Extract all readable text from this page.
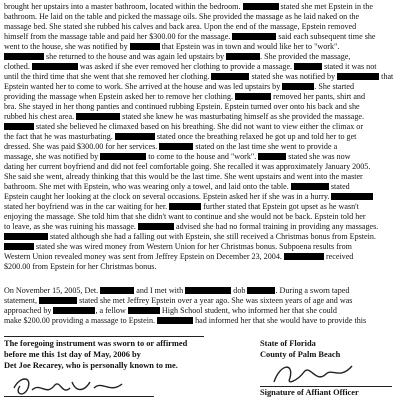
brought her upstairs into a master bathroom, located within the bedroom.	stated she met Epstein in the
bathroom. He laid on the table and picked the massage oils. She provided the massage as he laid naked on the
massage bed. She stated she rubbed his calves and back area. Upon the end of the massage, Epstein removed
himself from the massage table and paid her $300.00 for the massage.	said each subsequent time she
went to the house, she was notified by	that Epstein was in town and would like her to "work".
she returned to the house and was again led upstairs by	. She provided the massage,
clothed.	was asked if she ever removed her clothing to provide a massage.	stated it was not
until the third time that she went that she removed her clothing.	stated she was notified by	that
Epstein wanted her to come to work. She arrived at the house and was led upstairs by	. She started
providing the massage when Epstein asked her to remove her clothing.	removed her pants, shirt and
bra. She stayed in her thong panties and continued rubbing Epstein. Epstein turned over onto his back and she
rubbed his chest area.	stated she knew he was masturbating himself as she provided the massage.
stated she believed he climaxed based on his breathing. She did not want to view either the climax or
the fact that he was masturbating.	stated once the breathing relaxed he got up and told her to get
dressed. She was paid $300.00 for her services.	stated on the last time she went to provide a
massage, she was notified by	to come to the house and "work".	stated she was now
dating her current boyfriend and did not feel comfortable going. She recalled it was approximately January 2005.
She said she went, already thinking that this would be the last time. She went upstairs and went into the master
bathroom. She met with Epstein, who was wearing only a towel, and laid onto the table.	stated
Epstein caught her looking at the clock on several occasions. Epstein asked her if she was in a hurry.
stated her boyfriend was in the car waiting for her.	further stated that Epstein got upset as he wasn't
enjoying the massage. She told him that she didn't want to continue and she would not be back. Epstein told her
to leave, as she was ruining his massage.	advised she had no formal training in providing any massages.
stated although she had a falling out with Epstein, she still received a Christmas bonus from Epstein.
stated she was wired money from Western Union for her Christmas bonus. Subpoena results from
Western Union revealed money was sent from Jeffrey Epstein on December 23, 2004.	received
$200.00 from Epstein for her Christmas bonus.
On November 15, 2005, Det.	and I met with	dob	. During a sworn taped
statement,	stated she met Jeffrey Epstein over a year ago. She was sixteen years of age and was
approached by	, a fellow	High School student, who informed her that she could
make $200.00 providing a massage to Epstein.	had informed her that she would have to provide this
The foregoing instrument was sworn to or affirmed
before me this 1st day of May, 2006 by
Det Joe Recarey, who is personally known to me.
State of Florida
County of Palm Beach
Signature of Affiant Officer
